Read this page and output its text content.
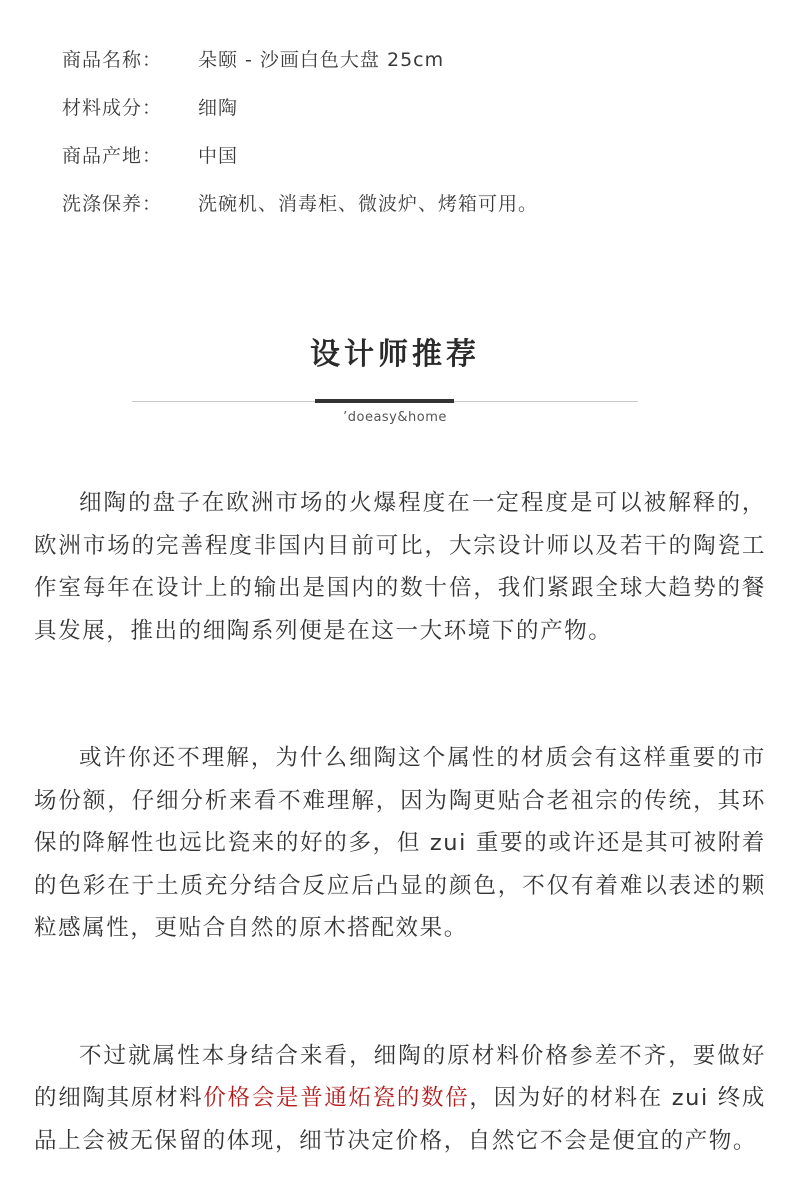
商品名称：	朵颐 - 沙画白色大盘 25cm
材料成分：	细陶
商品产地：	中国
洗涤保养：	洗碗机、消毒柜、微波炉、烤箱可用。
设计师推荐
’doeasy&home

细陶的盘子在欧洲市场的火爆程度在一定程度是可以被解释的，欧洲市场的完善程度非国内目前可比，大宗设计师以及若干的陶瓷工作室每年在设计上的输出是国内的数十倍，我们紧跟全球大趋势的餐具发展，推出的细陶系列便是在这一大环境下的产物。

或许你还不理解，为什么细陶这个属性的材质会有这样重要的市场份额，仔细分析来看不难理解，因为陶更贴合老祖宗的传统，其环保的降解性也远比瓷来的好的多，但 zui 重要的或许还是其可被附着的色彩在于土质充分结合反应后凸显的颜色，不仅有着难以表述的颗粒感属性，更贴合自然的原木搭配效果。

不过就属性本身结合来看，细陶的原材料价格参差不齐，要做好的细陶其原材料价格会是普通炻瓷的数倍，因为好的材料在 zui 终成品上会被无保留的体现，细节决定价格，自然它不会是便宜的产物。
